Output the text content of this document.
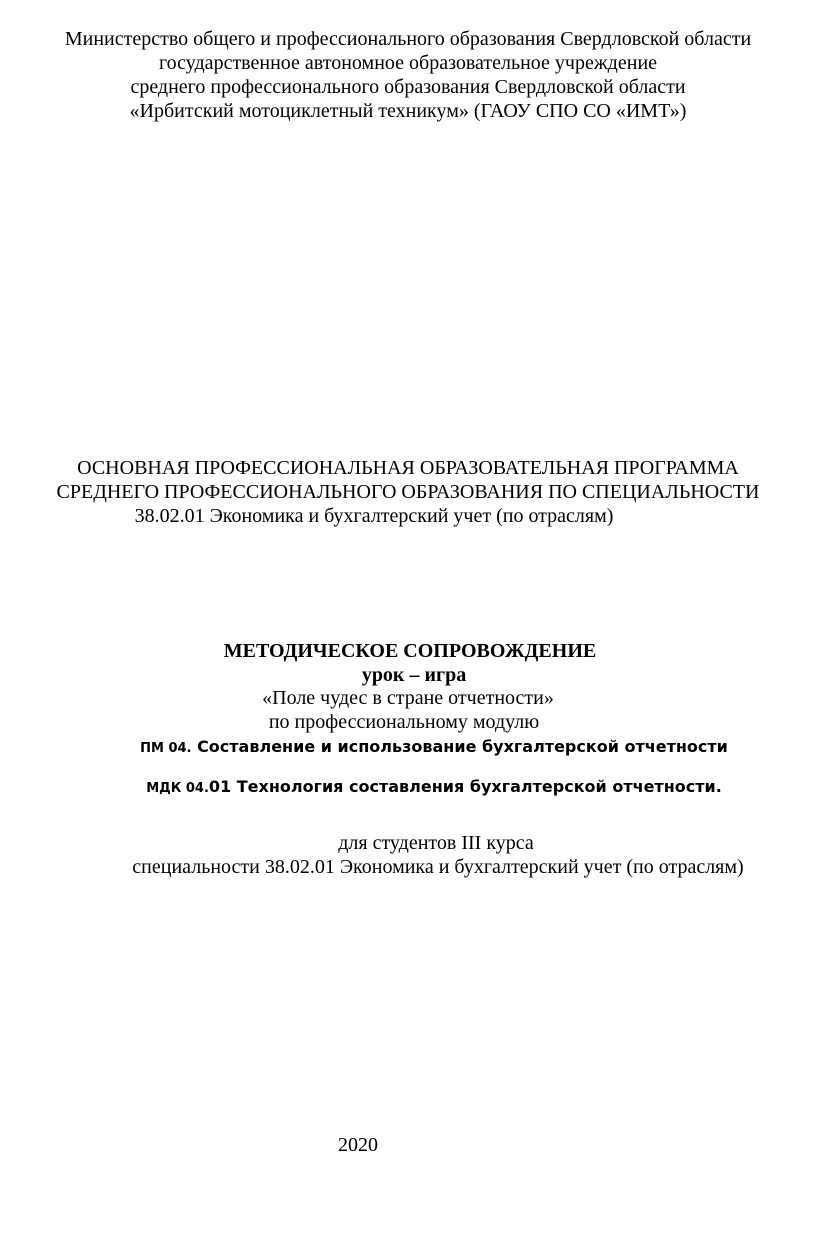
Министерство общего и профессионального образования Свердловской области
государственное автономное образовательное учреждение
среднего профессионального образования Свердловской области
«Ирбитский мотоциклетный техникум» (ГАОУ СПО СО «ИМТ»)
ОСНОВНАЯ ПРОФЕССИОНАЛЬНАЯ ОБРАЗОВАТЕЛЬНАЯ ПРОГРАММА
СРЕДНЕГО ПРОФЕССИОНАЛЬНОГО ОБРАЗОВАНИЯ ПО СПЕЦИАЛЬНОСТИ
38.02.01 Экономика и бухгалтерский учет (по отраслям)
МЕТОДИЧЕСКОЕ СОПРОВОЖДЕНИЕ
урок – игра
«Поле чудес в стране отчетности»
по профессиональному модулю
ПМ 04. Составление и использование бухгалтерской отчетности
МДК 04.01 Технология составления бухгалтерской отчетности.
для студентов III курса
специальности 38.02.01 Экономика и бухгалтерский учет (по отраслям)
2020
